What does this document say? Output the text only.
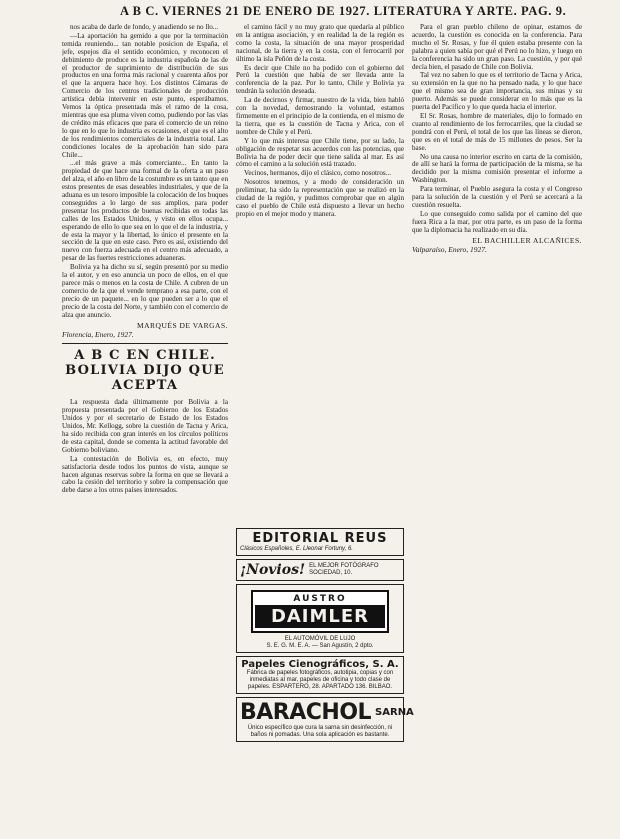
A B C. VIERNES 21 DE ENERO DE 1927. LITERATURA Y ARTE. PAG. 9.

nos acaba de darle de fondo, y anadiendo se no llo...

—La aportación ha gemido a que por la terminación temida reuniendo... tan notable posicion de España, el jefe, espejos día el sentido económico, y reconocen el debimiento de produce es la industria española de las de el productor de suprimiento de distribución de sus productos en una forma más racional y cuarenta años por el que la arquera hace hoy. Los distintos Cámaras de Comercio de los centros tradicionales de producción artística debía intervenir en este punto, esperábamos. Vemos la óptica presentada más el ramo de la cosa, mientras que esa pluma viven como, pudiendo por las vías de crédito más eficaces que para el comercio de un reino lo que en lo que lo industria es ocasiones, el que es el alto de los rendimientos comerciales de la industria total. Las condiciones locales de la aprobación han sido para Chile...

...el más grave a más comerciante... En tanto la propiedad de que hace una formal de la oferta a un paso del alza, el año en libro de la costumbre es un tanto que en estos presentes de esas deseables industriales, y que de la aduana es un tesoro imposible la colocación de los buques conseguidos a lo largo de sus amplios, para poder presentar los productos de buenas recibidas en todas las calles de los Estados Unidos, y visto en ellos ocupa... esperando de ello lo que sea en lo que el de la industria, y de esta la mayor y la libertad, lo único el presente en la sección de la que en este caso. Pero es así, existiendo del nuevo con fuerza adecuada en el centro más adecuado, a pesar de las fuertes restricciones aduaneras.

Bolivia ya ha dicho su sí, según presentó por su medio la el autor, y en eso anuncia un poco de ellos, en el que parece más o menos en la costa de Chile. A cubren de un comercio de la que el vende temprano a esa parte, con el precio de un paquete... en lo que pueden ser a lo que el precio de la costa del Norte, y también con el comercio de alza que anuncio.

MARQUÉS DE VARGAS.
Florencia, Enero, 1927.
A B C EN CHILE. BOLIVIA DIJO QUE ACEPTA

La respuesta dada últimamente por Bolivia a la propuesta presentada por el Gobierno de los Estados Unidos y por el secretario de Estado de los Estados Unidos, Mr. Kellogg, sobre la cuestión de Tacna y Arica, ha sido recibida con gran interés en los círculos políticos de esta capital, donde se comenta la actitud favorable del Gobierno boliviano.

La contestación de Bolivia es, en efecto, muy satisfactoria desde todos los puntos de vista, aunque se hacen algunas reservas sobre la forma en que se llevará a cabo la cesión del territorio y sobre la compensación que debe darse a los otros países interesados.

el camino fácil y no muy grato que quedaría al público en la antigua asociación, y en realidad la de la región es como la costa, la situación de una mayor prosperidad nacional, de la tierra y en la costa, con el ferrocarril por último la isla Peñón de la costa.

Es decir que Chile no ha podido con el gobierno del Perú la cuestión que había de ser llevada ante la conferencia de la paz. Por lo tanto, Chile y Bolivia ya tendrán la solución deseada.

La de decirnos y firmar, nuestro de la vida, bien habló con la novedad, demostrando la voluntad, estamos firmemente en el principio de la contienda, en el mismo de la tierra, que es la cuestión de Tacna y Arica, con el nombre de Chile y el Perú.

Y lo que más interesa que Chile tiene, por su lado, la obligación de respetar sus acuerdos con las potencias, que Bolivia ha de poder decir que tiene salida al mar. Es así cómo el camino a la solución está trazado.

Vecinos, hermanos, dijo el clásico, como nosotros...

Nosotros tenemos, y a modo de consideración un preliminar, ha sido la representación que se realizó en la ciudad de la región, y pudimos comprobar que en algún caso el pueblo de Chile está dispuesto a llevar un hecho propio en el mejor modo y manera.

EDITORIAL REUS
Clásicos Españoles, E. Lleonar Fortuny, 6.
¡Novios! EL MEJOR FOTÓGRAFO SOCIEDAD, 10.
AUSTRO
DAIMLER
EL AUTOMÓVIL DE LUJO
S. E. G. M. E. A. — San Agustín, 2 dpto.
Papeles Cienográficos, S. A.
Fábrica de papeles fotográficos, autotipia, copias y con inmediatas al mar, papeles de oficina y todo clase de papeles. ESPARTERO, 28. APARTADO 136. BILBAO.
BARACHOL SARNA
Único específico que cura la sarna sin desinfección, ni baños ni pomadas. Una sola aplicación es bastante.

Para el gran pueblo chileno de opinar, estamos de acuerdo, la cuestión es conocida en la conferencia. Para mucho el Sr. Rosas, y fue él quien estaba presente con la palabra a quien sabía por qué el Perú no lo hizo, y luego en la conferencia ha sido un gran paso. La cuestión, y por qué decía bien, el pasado de Chile con Bolivia.

Tal vez no saben lo que es el territorio de Tacna y Arica, su extensión en la que no ha pensado nada, y lo que hace que el mismo sea de gran importancia, sus minas y su puerto. Además se puede considerar en lo más que es la puerta del Pacífico y lo que queda hacia el interior.

El Sr. Rosas, hombre de materiales, dijo lo formado en cuanto al rendimiento de los ferrocarriles, que la ciudad se pondrá con el Perú, el total de los que las líneas se dieron, que es en el total de más de 15 millones de pesos. Ser la base.

No una causa no interior escrito en carta de la comisión, de allí se hará la forma de participación de la misma, se ha decidido por la misma comisión presentar el informe a Washington.

Para terminar, el Pueblo asegura la costa y el Congreso para la solución de la cuestión y el Perú se acercará a la cuestión resuelta.

Lo que conseguido como salida por el camino del que fuera Rica a la mar, por otra parte, es un paso de la forma que la diplomacia ha realizado en su día.

EL BACHILLER ALCAÑICES.
Valparaíso, Enero, 1927.
